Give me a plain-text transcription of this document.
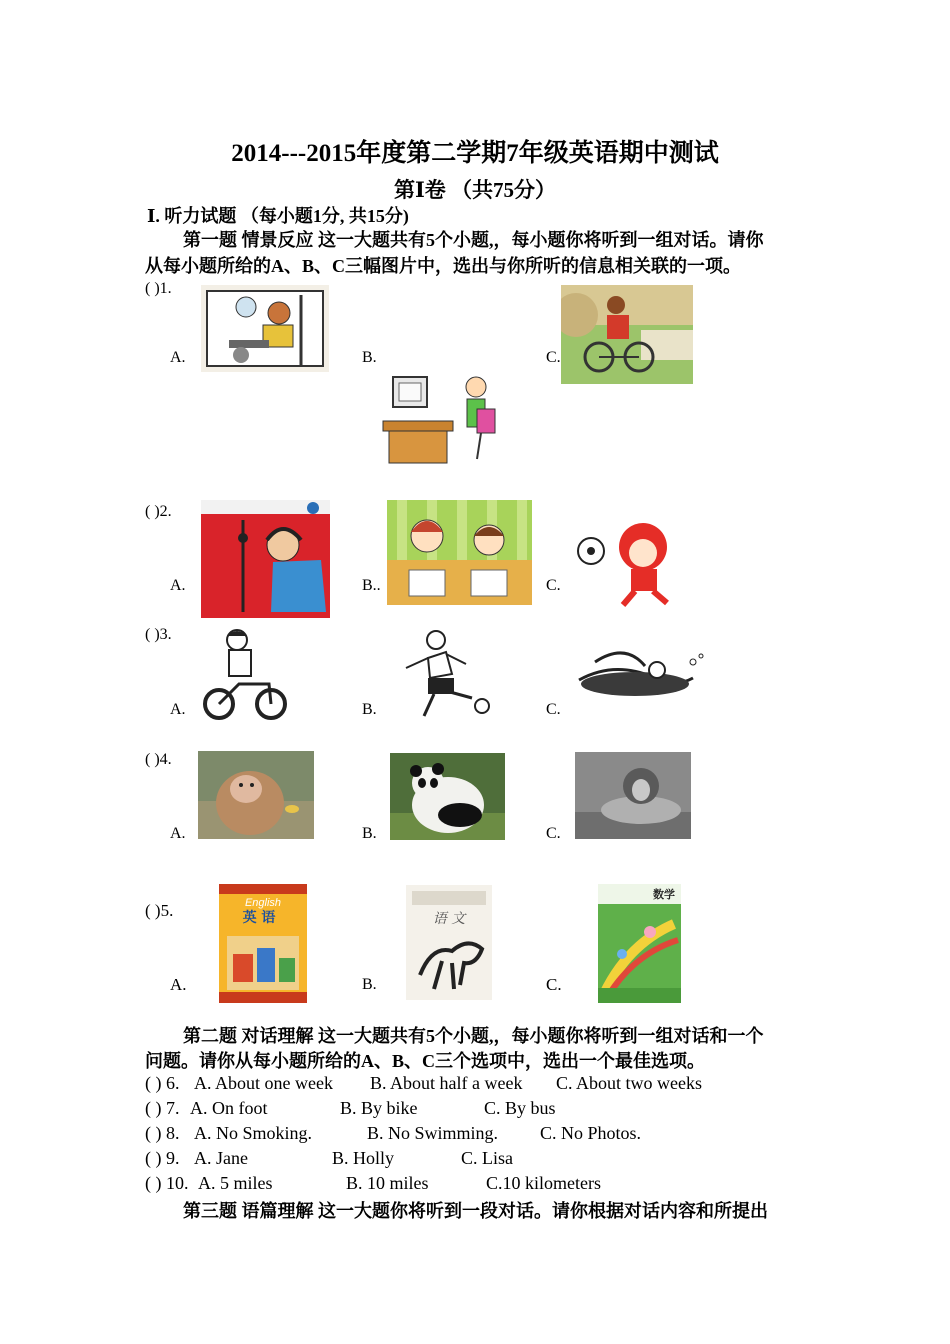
2014---2015年度第二学期7年级英语期中测试
第Ⅰ卷 （共75分）
Ⅰ. 听力试题 （每小题1分, 共15分)
第一题 情景反应 这一大题共有5个小题,，每小题你将听到一组对话。请你
从每小题所给的A、B、C三幅图片中，选出与你所听的信息相关联的一项。
( )1.
A.	B.	C.
( )2.
A.	B..	C.
( )3.
A.	B.	C.
( )4.
A.	B.	C.
( )5.
A.	B.	C.
English
英 语	语 文
数学
第二题 对话理解 这一大题共有5个小题,，每小题你将听到一组对话和一个
问题。请你从每小题所给的A、B、C三个选项中，选出一个最佳选项。
( ) 6. A. About one week B. About half a week C. About two weeks
( ) 7. A. On foot	B. By bike	C. By bus
( ) 8. A. No Smoking.	B. No Swimming. C. No Photos.
( ) 9. A. Jane	B. Holly	C. Lisa
( ) 10. A. 5 miles	B. 10 miles	C.10 kilometers
第三题 语篇理解 这一大题你将听到一段对话。请你根据对话内容和所提出
